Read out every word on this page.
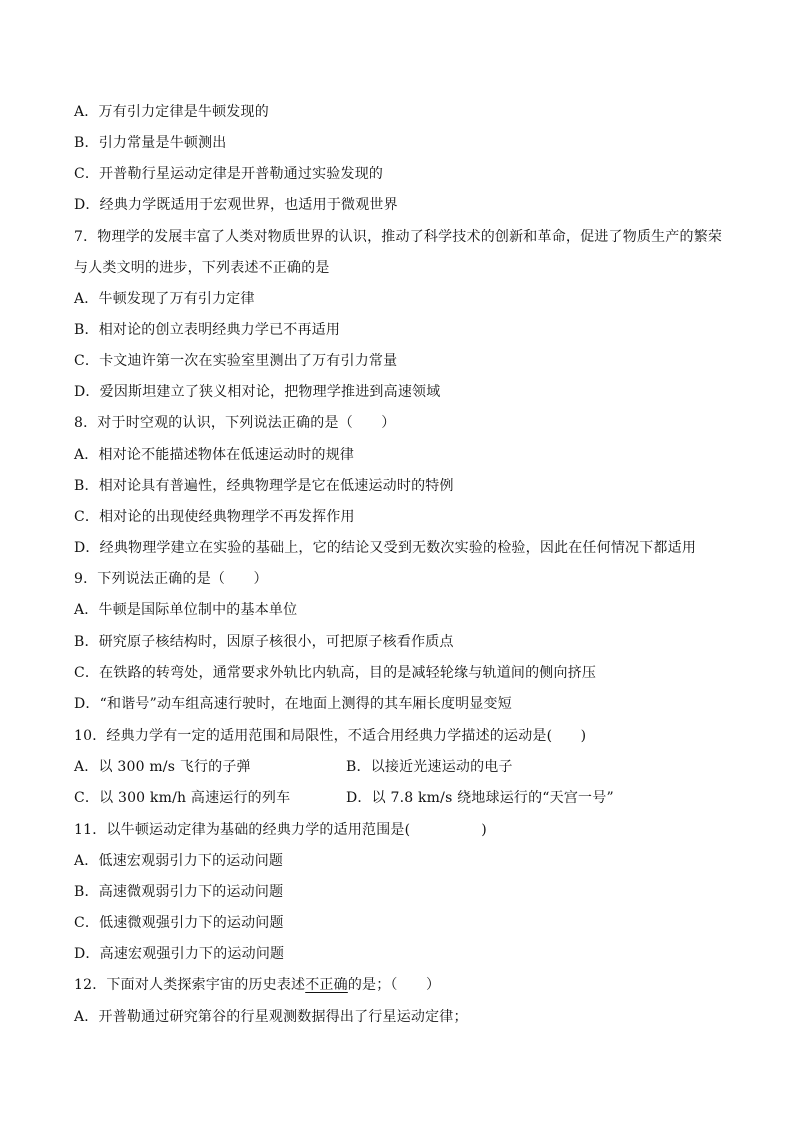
A．万有引力定律是牛顿发现的
B．引力常量是牛顿测出
C．开普勒行星运动定律是开普勒通过实验发现的
D．经典力学既适用于宏观世界，也适用于微观世界
7．物理学的发展丰富了人类对物质世界的认识，推动了科学技术的创新和革命，促进了物质生产的繁荣
与人类文明的进步，下列表述不正确的是
A．牛顿发现了万有引力定律
B．相对论的创立表明经典力学已不再适用
C．卡文迪许第一次在实验室里测出了万有引力常量
D．爱因斯坦建立了狭义相对论，把物理学推进到高速领域
8．对于时空观的认识，下列说法正确的是（　　）
A．相对论不能描述物体在低速运动时的规律
B．相对论具有普遍性，经典物理学是它在低速运动时的特例
C．相对论的出现使经典物理学不再发挥作用
D．经典物理学建立在实验的基础上，它的结论又受到无数次实验的检验，因此在任何情况下都适用
9．下列说法正确的是（　　）
A．牛顿是国际单位制中的基本单位
B．研究原子核结构时，因原子核很小，可把原子核看作质点
C．在铁路的转弯处，通常要求外轨比内轨高，目的是减轻轮缘与轨道间的侧向挤压
D．“和谐号”动车组高速行驶时，在地面上测得的其车厢长度明显变短
10．经典力学有一定的适用范围和局限性，不适合用经典力学描述的运动是(　　)
A．以 300 m/s 飞行的子弹	B．以接近光速运动的电子
C．以 300 km/h 高速运行的列车	D．以 7.8 km/s 绕地球运行的“天宫一号”
11．以牛顿运动定律为基础的经典力学的适用范围是(　　　　　)
A．低速宏观弱引力下的运动问题
B．高速微观弱引力下的运动问题
C．低速微观强引力下的运动问题
D．高速宏观强引力下的运动问题
12．下面对人类探索宇宙的历史表述不正确的是；（　　）
A．开普勒通过研究第谷的行星观测数据得出了行星运动定律；
